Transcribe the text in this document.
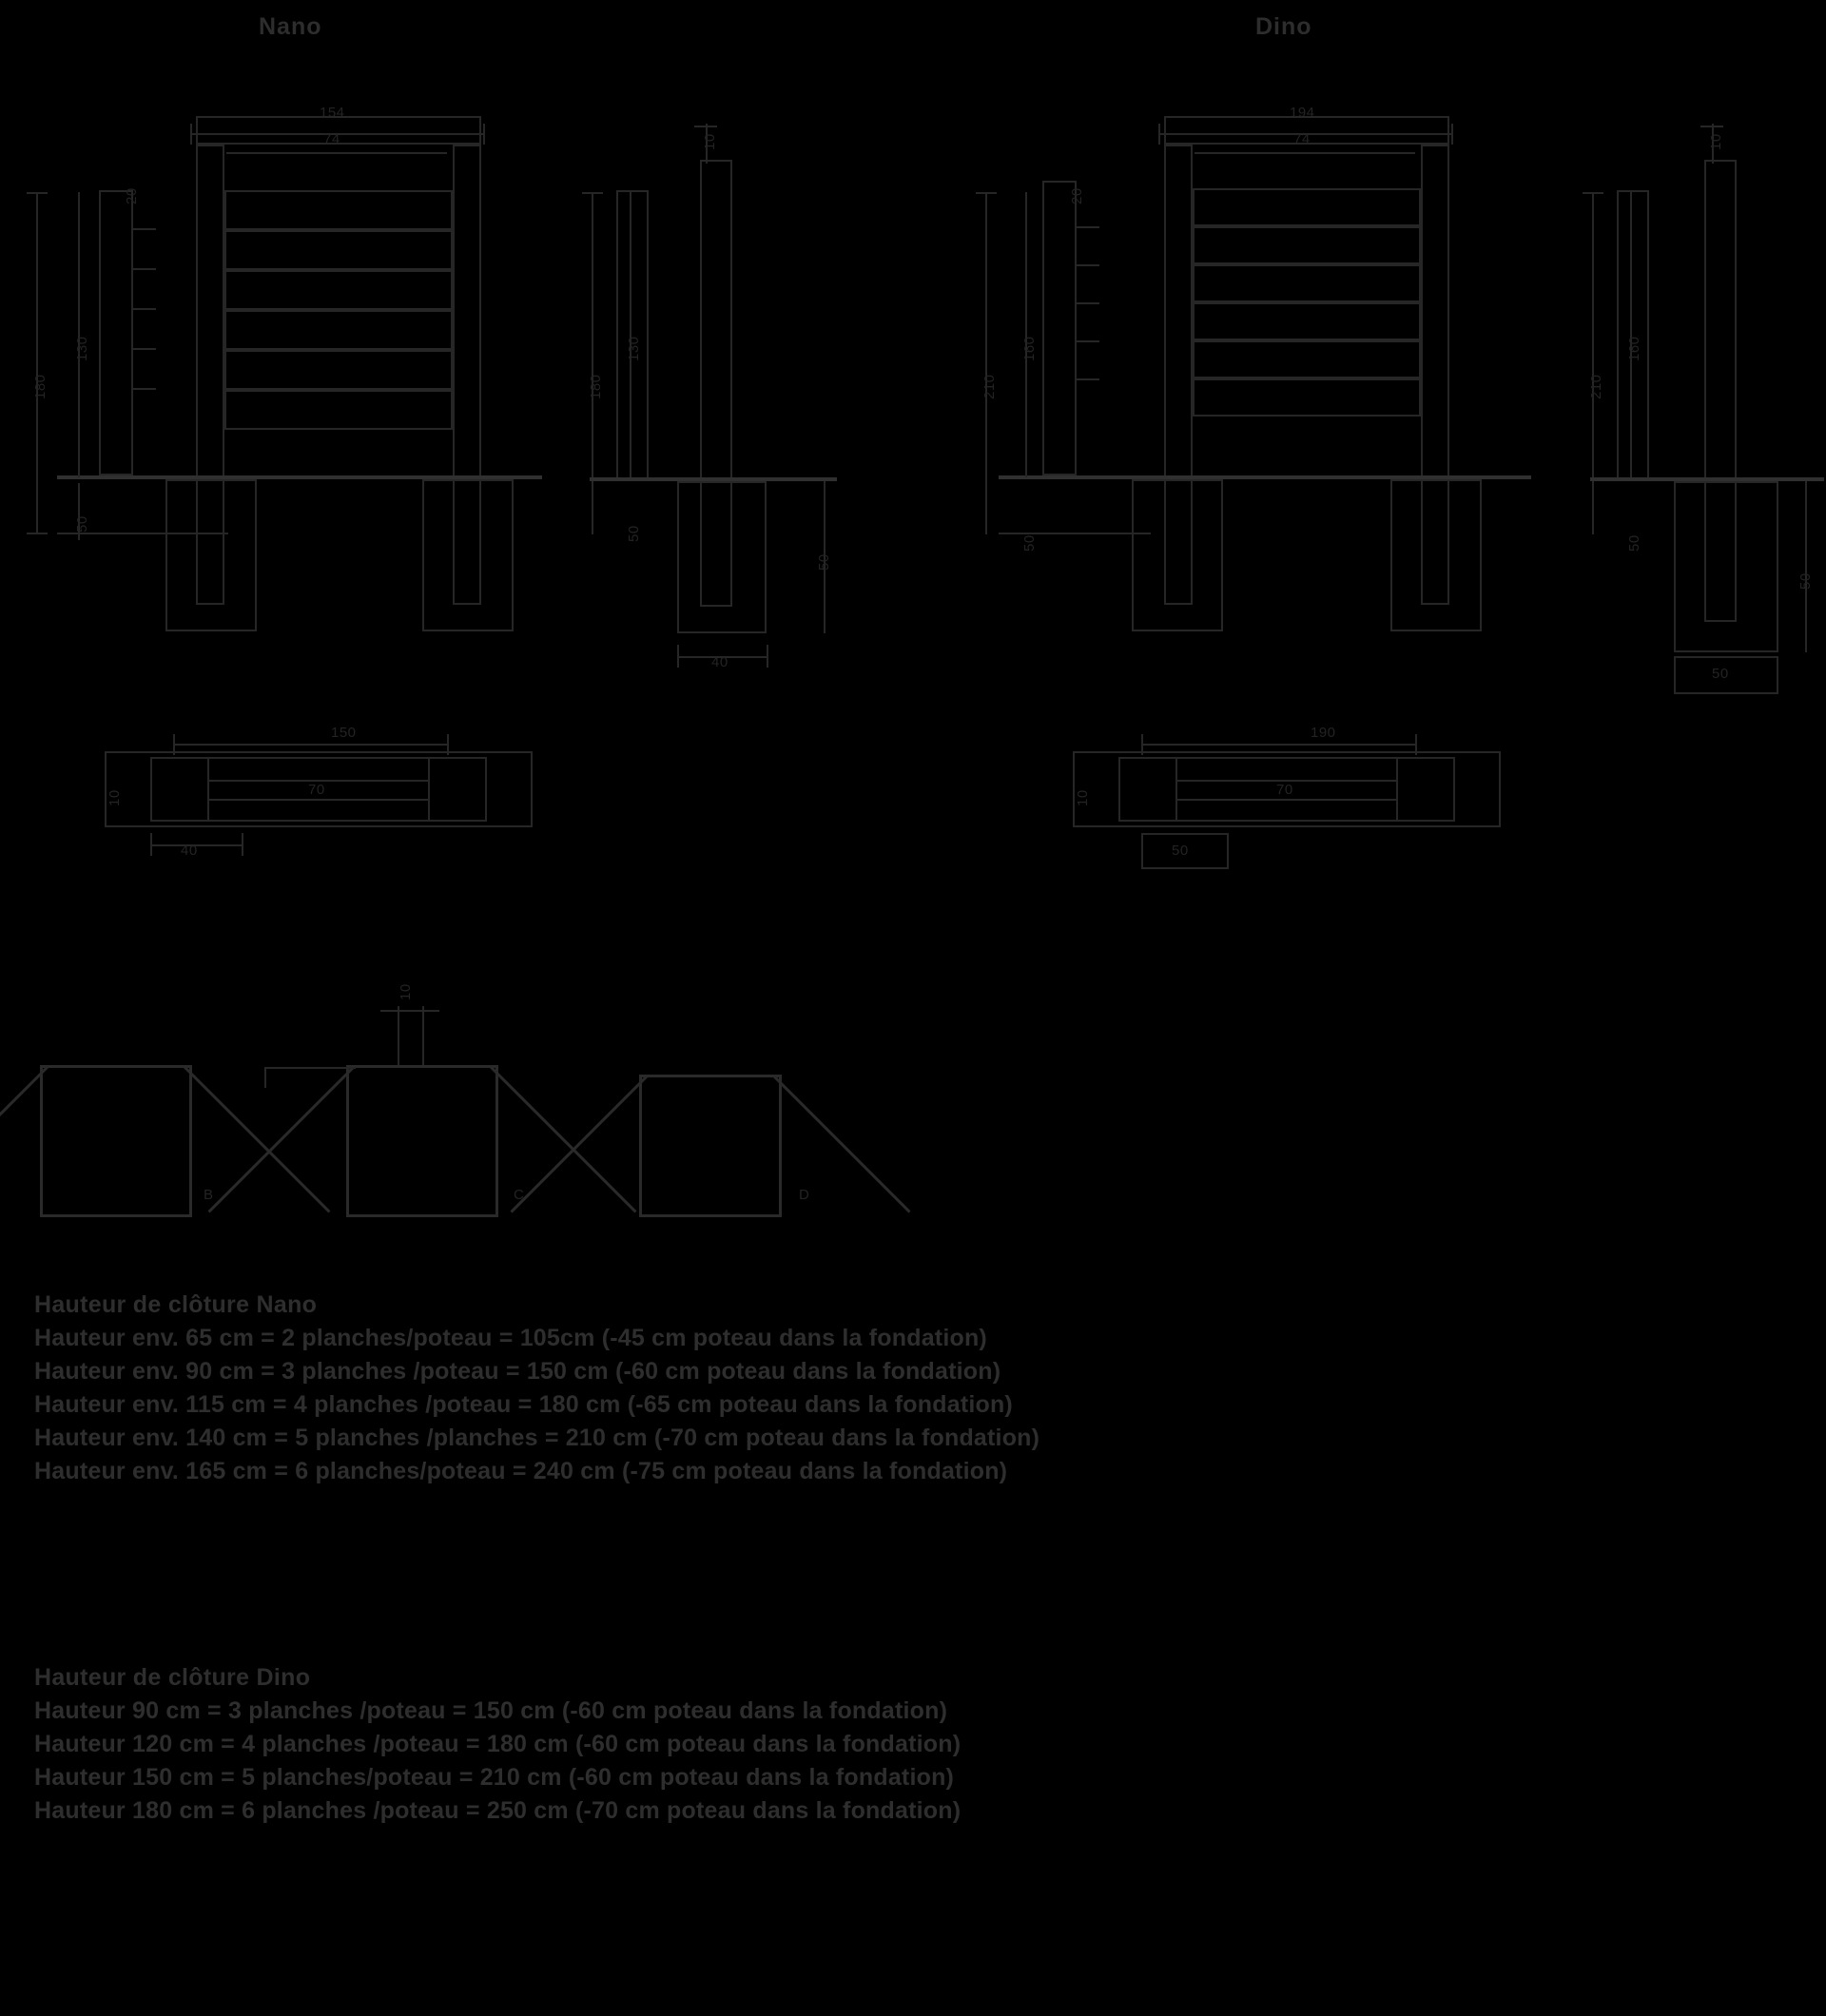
Nano	Dino
154
74
180
130
50
20
10
180
130
50
50
40
194
74
210
160
50
20
10
210
160
50
50
50
150
10	70
40
190
10	70
50
B	C
10
D
Hauteur de clôture Nano
Hauteur env. 65 cm = 2 planches/poteau = 105cm (-45 cm poteau dans la fondation)
Hauteur env. 90 cm = 3 planches /poteau = 150 cm (-60 cm poteau dans la fondation)
Hauteur env. 115 cm = 4 planches /poteau = 180 cm (-65 cm poteau dans la fondation)
Hauteur env. 140 cm = 5 planches /planches = 210 cm (-70 cm poteau dans la fondation)
Hauteur env. 165 cm = 6 planches/poteau = 240 cm (-75 cm poteau dans la fondation)
Hauteur de clôture Dino
Hauteur 90 cm = 3 planches /poteau = 150 cm (-60 cm poteau dans la fondation)
Hauteur 120 cm = 4 planches /poteau = 180 cm (-60 cm poteau dans la fondation)
Hauteur 150 cm = 5 planches/poteau = 210 cm (-60 cm poteau dans la fondation)
Hauteur 180 cm = 6 planches /poteau = 250 cm (-70 cm poteau dans la fondation)
